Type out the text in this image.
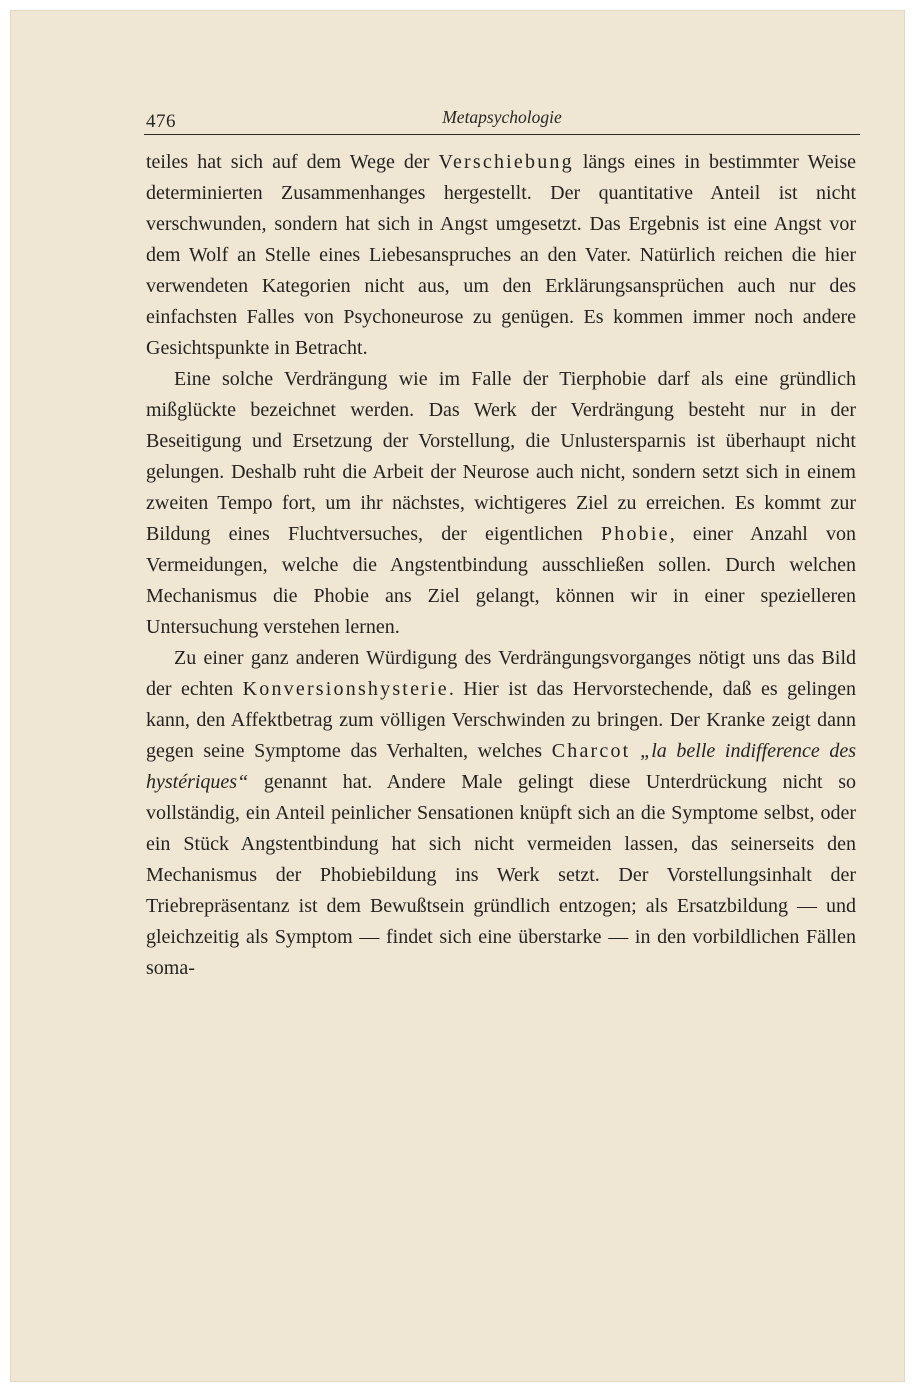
476	Metapsychologie

teiles hat sich auf dem Wege der Verschiebung längs eines in bestimmter Weise determinierten Zusammenhanges hergestellt. Der quantitative Anteil ist nicht verschwunden, sondern hat sich in Angst umgesetzt. Das Ergebnis ist eine Angst vor dem Wolf an Stelle eines Liebesanspruches an den Vater. Natürlich reichen die hier verwendeten Kategorien nicht aus, um den Erklärungsansprüchen auch nur des einfachsten Falles von Psychoneurose zu genügen. Es kommen immer noch andere Gesichtspunkte in Betracht.

Eine solche Verdrängung wie im Falle der Tierphobie darf als eine gründlich mißglückte bezeichnet werden. Das Werk der Verdrängung besteht nur in der Beseitigung und Ersetzung der Vorstellung, die Unlustersparnis ist überhaupt nicht gelungen. Deshalb ruht die Arbeit der Neurose auch nicht, sondern setzt sich in einem zweiten Tempo fort, um ihr nächstes, wichtigeres Ziel zu erreichen. Es kommt zur Bildung eines Fluchtversuches, der eigentlichen Phobie, einer Anzahl von Vermeidungen, welche die Angstentbindung ausschließen sollen. Durch welchen Mechanismus die Phobie ans Ziel gelangt, können wir in einer spezielleren Untersuchung verstehen lernen.

Zu einer ganz anderen Würdigung des Verdrängungsvorganges nötigt uns das Bild der echten Konversionshysterie. Hier ist das Hervorstechende, daß es gelingen kann, den Affektbetrag zum völligen Verschwinden zu bringen. Der Kranke zeigt dann gegen seine Symptome das Verhalten, welches Charcot „la belle indifference des hystériques“ genannt hat. Andere Male gelingt diese Unterdrückung nicht so vollständig, ein Anteil peinlicher Sensationen knüpft sich an die Symptome selbst, oder ein Stück Angstentbindung hat sich nicht vermeiden lassen, das seinerseits den Mechanismus der Phobiebildung ins Werk setzt. Der Vorstellungsinhalt der Triebrepräsentanz ist dem Bewußtsein gründlich entzogen; als Ersatzbildung — und gleichzeitig als Symptom — findet sich eine überstarke — in den vorbildlichen Fällen soma-
